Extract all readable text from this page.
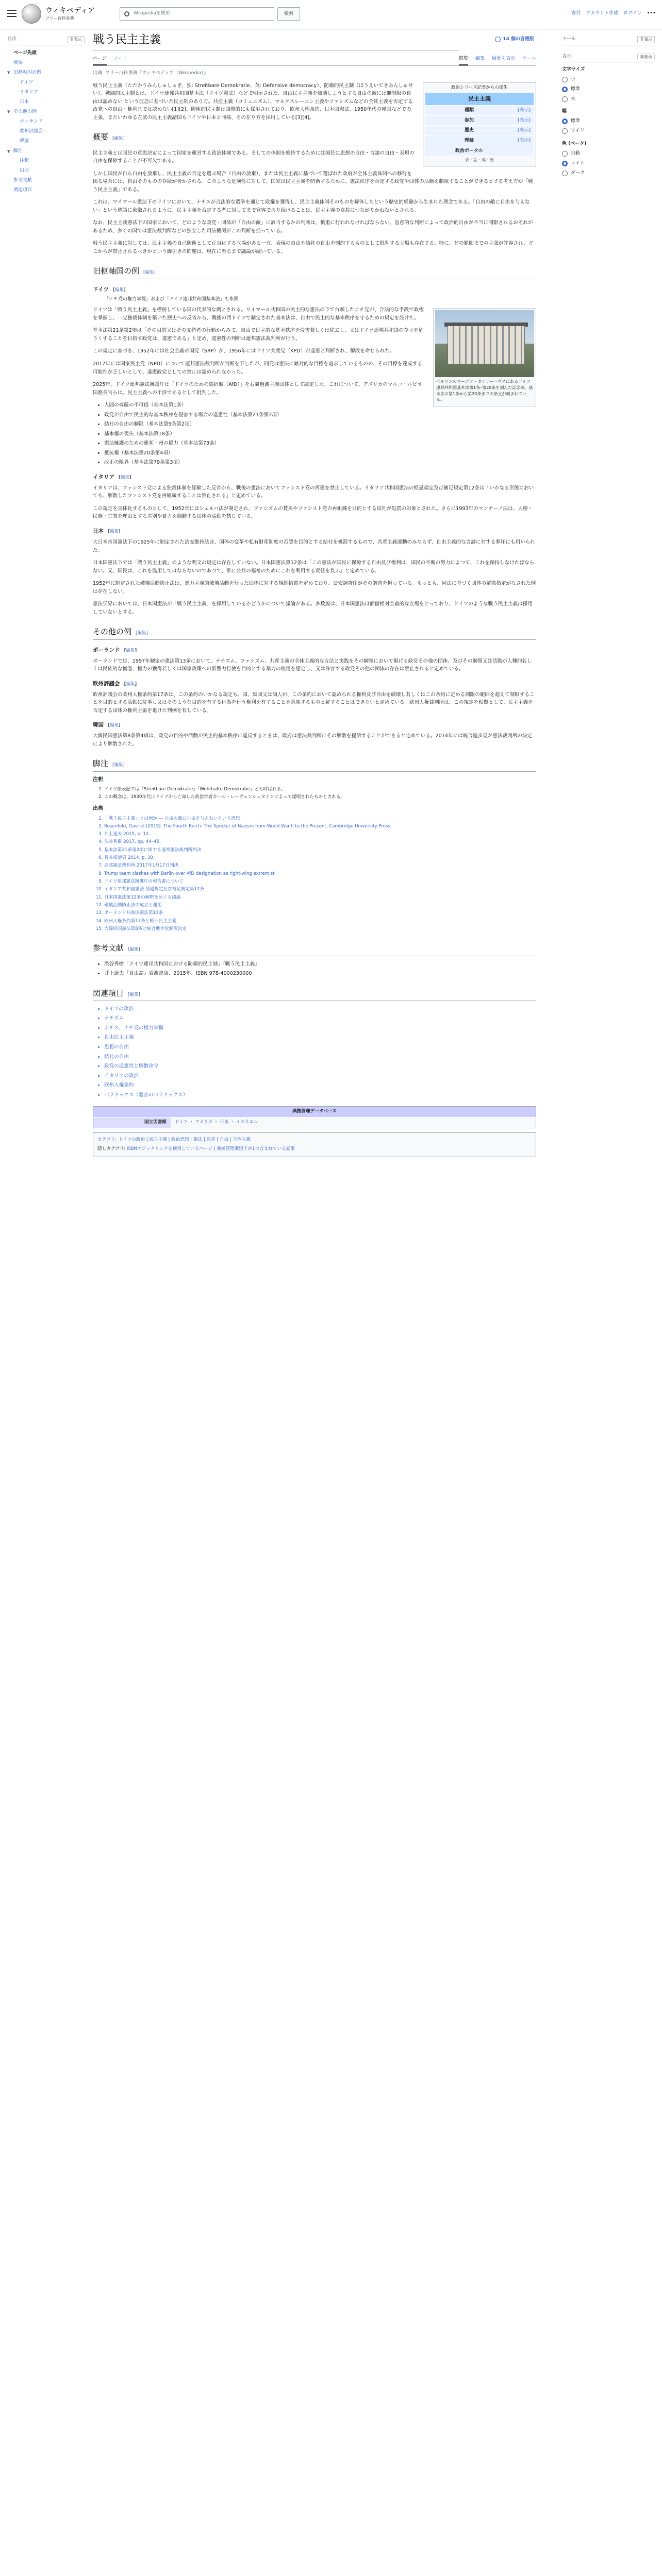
ウィキペディア
フリー百科事典
Wikipediaを検索	検索	寄付 アカウント作成 ログイン •••
目次	非表示
ページ先頭
概要
▼ 旧枢軸国の例
ドイツ
イタリア
日本
▼ その他の例
ポーランド
欧州評議会
韓国
▼ 脚注
注釈
出典
参考文献
関連項目
戦う民主主義	14 個の言語版
ページ ノート	閲覧 編集 履歴を表示 ツール
出典: フリー百科事典『ウィキペディア（Wikipedia）』
政治シリーズ記事からの派生
民主主義
種類	[表示]
参加	[表示]
歴史	[表示]
理論	[表示]
政治ポータル
表・話・編・歴

戦う民主主義（たたかうみんしゅしゅぎ、独: Streitbare Demokratie、英: Defensive democracy）、防衛的民主制（ほうえいてきみんしゅせい）、戦闘的民主制とは、ドイツ連邦共和国基本法（ドイツ憲法）などで明示された、自由民主主義を破壊しようとする自由の敵には無制限の自由は認めない という理念に基づいた民主制のあり方。共産主義（コミュニズム）、マルクスレーニン主義やファシズムなどの全体主義を否定する政党への自由・権利までは認めない[1][2]。防衛的民主制は国際的にも採用されており、欧州人権条約、日本国憲法、1950年代の韓国などでの主張、またいわゆる左派の民主主義諸国もドイツや日本と同様、その在り方を採用している[3][4]。

概要 [編集]

民主主義とは国民の意思決定によって国家を運営する政治体制である。そしての体制を維持するためには国民に思想の自由・言論の自由・表現の自由を保障することが不可欠である。

しかし国民が自ら自由を放棄し、民主主義の否定を選ぶ場合（自由の放棄）、または民主主義に基づいて選ばれた政府が全体主義体制への移行を図る場合には、自由そのものの存続が脅かされる。このような危険性に対して、国家は民主主義を防衛するために、憲法秩序を否定する政党や団体の活動を制限することができるとする考え方が「戦う民主主義」である。

これは、ワイマール憲法下のドイツにおいて、ナチスが合法的な選挙を通じて政権を獲得し、民主主義体制そのものを解体したという歴史的経験から生まれた理念である。「自由の敵に自由を与えない」という標語に象徴されるように、民主主義を否定する者に対してまで寛容であり続けることは、民主主義の自殺につながりかねないとされる。

なお、民主主義憲法下の国家において、どのような政党・団体が「自由の敵」に該当するかの判断は、慎重に行われなければならない。恣意的な判断によって政治的自由が不当に制限されるおそれがあるため、多くの国では憲法裁判所などの独立した司法機関がこの判断を担っている。

戦う民主主義に対しては、民主主義の自己防衛として正当化する立場がある一方、表現の自由や結社の自由を制約するものとして批判する立場も存在する。特に、どの範囲までの主張が許容され、どこからが禁止されるべきかという線引きの問題は、現在に至るまで議論が続いている。

旧枢軸国の例 [編集]
ドイツ [編集]
「ナチ党の権力掌握」および「ドイツ連邦共和国基本法」も参照
ベルリンのマーゴア・ガイザーハウスにあるドイツ連邦共和国基本法第1条–第20条を刻んだ記念碑。基本法の第1条から第20条までの条文が刻まれている。

ドイツは「戦う民主主義」を標榜している国の代表的な例とされる。ワイマール共和国の民主的な憲法の下で台頭したナチ党が、合法的な手段で政権を掌握し、一党独裁体制を築いた歴史への反省から、戦後の西ドイツで制定された基本法は、自由で民主的な基本秩序を守るための規定を設けた。

基本法第21条第2項は「その目的又はその支持者の行動からみて、自由で民主的な基本秩序を侵害若しくは除去し、又はドイツ連邦共和国の存立を危うくすることを目指す政党は、違憲である」と定め、違憲性の判断は連邦憲法裁判所が行う。

この規定に基づき、1952年には社会主義帝国党（SRP）が、1956年にはドイツ共産党（KPD）が違憲と判断され、解散を命じられた。

2017年には国家民主党（NPD）について連邦憲法裁判所が判断を下したが、同党は憲法に敵対的な目標を追求しているものの、その目標を達成する可能性が乏しいとして、違憲政党としての禁止は認められなかった。

2025年、ドイツ連邦憲法擁護庁は「ドイツのための選択肢（AfD）」を右翼過激主義団体として認定した。これについて、アメリカのマルコ・ルビオ国務長官らは、民主主義への干渉であるとして批判した。

• 人間の尊厳の不可侵（基本法第1条）
• 政党が自由で民主的な基本秩序を侵害する場合の違憲性（基本法第21条第2項）
• 結社の自由の制限（基本法第9条第2項）
• 基本権の喪失（基本法第18条）
• 憲法擁護のための連邦・州の協力（基本法第73条）
• 抵抗権（基本法第20条第4項）
• 改正の限界（基本法第79条第3項）
イタリア [編集]

イタリアは、ファシスト党による独裁体制を経験した反省から、戦後の憲法においてファシスト党の再建を禁止している。イタリア共和国憲法の経過規定及び補足規定第12条は「いかなる形態においても、解散したファシスト党を再組織することは禁止される」と定めている。

この規定を具体化するものとして、1952年にはシェルバ法が制定され、ファシズムの賛美やファシスト党の再組織を目的とする結社が処罰の対象とされた。さらに1993年のマンチーノ法は、人種・民族・宗教を理由とする差別や暴力を煽動する団体の活動を禁じている。

日本 [編集]

大日本帝国憲法下の1925年に制定された治安維持法は、国体の変革や私有財産制度の否認を目的とする結社を処罰するもので、共産主義運動のみならず、自由主義的な言論に対する弾圧にも用いられた。

日本国憲法下では「戦う民主主義」のような明文の規定は存在していない。日本国憲法第12条は「この憲法が国民に保障する自由及び権利は、国民の不断の努力によつて、これを保持しなければならない。又、国民は、これを濫用してはならないのであつて、常に公共の福祉のためにこれを利用する責任を負ふ」と定めている。

1952年に制定された破壊活動防止法は、暴力主義的破壊活動を行った団体に対する規制措置を定めており、公安調査庁がその調査を担っている。もっとも、同法に基づく団体の解散指定がなされた例は存在しない。

憲法学界においては、日本国憲法が「戦う民主主義」を採用しているかどうかについて議論がある。多数説は、日本国憲法は価値相対主義的な立場をとっており、ドイツのような戦う民主主義は採用していないとする。

その他の例 [編集]
ポーランド [編集]

ポーランドでは、1997年制定の憲法第13条において、ナチズム、ファシズム、共産主義の全体主義的な方法と実践をその綱領において掲げる政党その他の団体、及びその綱領又は活動が人種的若しくは民族的な憎悪、権力の獲得若しくは国家政策への影響力行使を目的とする暴力の使用を想定し、又は許容する政党その他の団体の存在は禁止されると定めている。

欧州評議会 [編集]

欧州評議会の欧州人権条約第17条は、この条約のいかなる規定も、国、集団又は個人が、この条約において認められる権利及び自由を破壊し若しくはこの条約に定める制限の範囲を超えて制限することを目的とする活動に従事し又はそのような目的を有する行為を行う権利を有することを意味するものと解することはできないと定めている。欧州人権裁判所は、この規定を根拠として、民主主義を否定する団体の権利主張を退けた判例を有している。

韓国 [編集]

大韓民国憲法第8条第4項は、政党の目的や活動が民主的基本秩序に違反するときは、政府は憲法裁判所にその解散を提訴することができると定めている。2014年には統合進歩党が憲法裁判所の決定により解散された。

脚注 [編集]
注釈
1. ドイツ語表記では「Streitbare Demokratie」「Wehrhafte Demokratie」とも呼ばれる。
2. この概念は、1930年代にドイツから亡命した政治学者カール・レーヴェンシュタインによって提唱されたものとされる。
出典
1. 「戦う民主主義」とは何か ― 自由の敵に自由を与えないという思想
2. Rosenfeld, Gavriel (2019). The Fourth Reich: The Specter of Nazism from World War II to the Present. Cambridge University Press.
3. 井上達夫 2015, p. 12.
4. 渋谷秀樹 2017, pp. 44–45.
5. 基本法第21条第2項に関する連邦憲法裁判所判決
6. 長谷部恭男 2014, p. 30.
7. 連邦憲法裁判所 2017年1月17日判決
8. Trump team clashes with Berlin over AfD designation as right-wing extremist
9. ドイツ連邦憲法擁護庁の報告書について
10. イタリア共和国憲法 経過規定及び補足規定第12条
11. 日本国憲法第12条の解釈をめぐる議論
12. 破壊活動防止法の成立と運用
13. ポーランド共和国憲法第13条
14. 欧州人権条約第17条と戦う民主主義
15. 大韓民国憲法第8条と統合進歩党解散決定
参考文献 [編集]
• 渋谷秀樹「ドイツ連邦共和国における防衛的民主制」『戦う民主主義』
• 井上達夫『自由論』岩波書店、2015年、ISBN 978-4000230000
関連項目 [編集]
• ドイツの政治
• ナチズム
• ナチス、ナチ党の権力掌握
• 自由民主主義
• 思想の自由
• 結社の自由
• 政党の違憲性と解散命令
• イタリアの政治
• 欧州人権条約
• パラドックス（寛容のパラドックス）
典拠管理データベース
国立図書館	ドイツ ・ アメリカ ・ 日本 ・ イスラエル
カテゴリ: ドイツの政治 | 民主主義 | 政治思想 | 憲法 | 政党 | 自由 | 全体主義
隠しカテゴリ: ISBNマジックリンクを使用しているページ | 典拠管理識別子が1つ含まれている記事
ツール	非表示
表示	非表示
文字サイズ
小
標準
大
幅
標準
ワイド
色 (ベータ)
自動
ライト
ダーク
